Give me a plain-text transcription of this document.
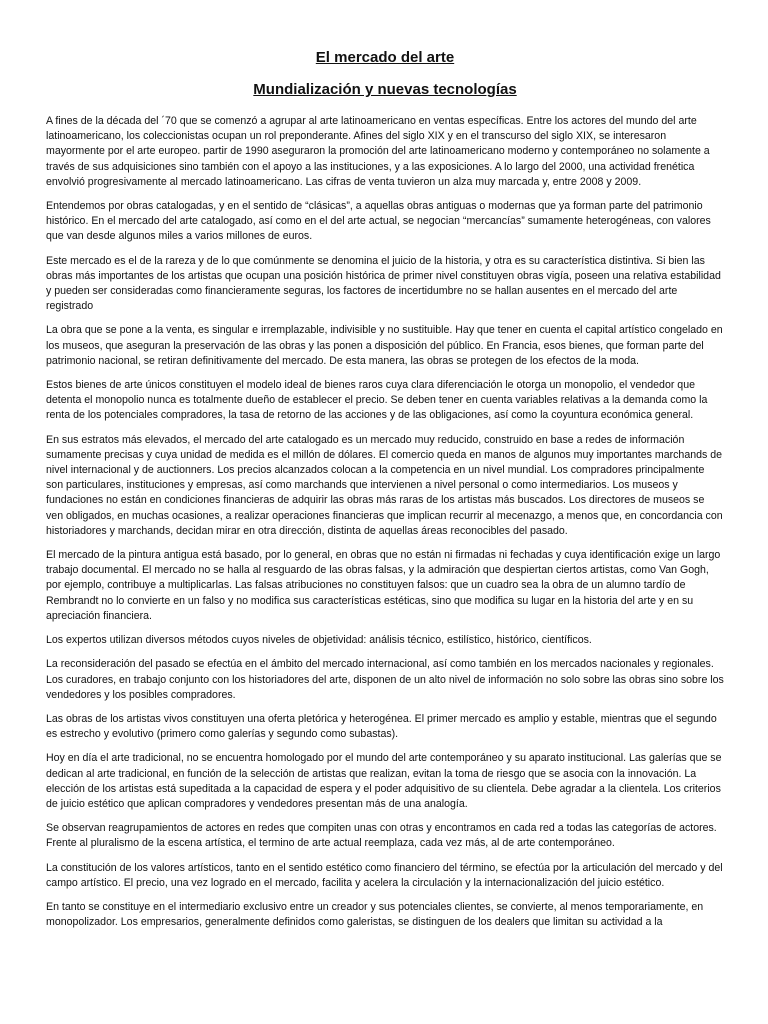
El mercado del arte
Mundialización y nuevas tecnologías

A fines de la década del ´70 que se comenzó a agrupar al arte latinoamericano en ventas específicas. Entre los actores del mundo del arte latinoamericano, los coleccionistas ocupan un rol preponderante. Afines del siglo XIX y en el transcurso del siglo XIX, se interesaron mayormente por el arte europeo. partir de 1990 aseguraron la promoción del arte latinoamericano moderno y contemporáneo no solamente a través de sus adquisiciones sino también con el apoyo a las instituciones, y a las exposiciones. A lo largo del 2000, una actividad frenética envolvió progresivamente al mercado latinoamericano. Las cifras de venta tuvieron un alza muy marcada y, entre 2008 y 2009.

Entendemos por obras catalogadas, y en el sentido de “clásicas”, a aquellas obras antiguas o modernas que ya forman parte del patrimonio histórico. En el mercado del arte catalogado, así como en el del arte actual, se negocian “mercancías” sumamente heterogéneas, con valores que van desde algunos miles a varios millones de euros.

Este mercado es el de la rareza y de lo que comúnmente se denomina el juicio de la historia, y otra es su característica distintiva. Si bien las obras más importantes de los artistas que ocupan una posición histórica de primer nivel constituyen obras vigía, poseen una relativa estabilidad y pueden ser consideradas como financieramente seguras, los factores de incertidumbre no se hallan ausentes en el mercado del arte registrado

La obra que se pone a la venta, es singular e irremplazable, indivisible y no sustituible. Hay que tener en cuenta el capital artístico congelado en los museos, que aseguran la preservación de las obras y las ponen a disposición del público. En Francia, esos bienes, que forman parte del patrimonio nacional, se retiran definitivamente del mercado. De esta manera, las obras se protegen de los efectos de la moda.

Estos bienes de arte únicos constituyen el modelo ideal de bienes raros cuya clara diferenciación le otorga un monopolio, el vendedor que detenta el monopolio nunca es totalmente dueño de establecer el precio. Se deben tener en cuenta variables relativas a la demanda como la renta de los potenciales compradores, la tasa de retorno de las acciones y de las obligaciones, así como la coyuntura económica general.

En sus estratos más elevados, el mercado del arte catalogado es un mercado muy reducido, construido en base a redes de información sumamente precisas y cuya unidad de medida es el millón de dólares. El comercio queda en manos de algunos muy importantes marchands de nivel internacional y de auctionners. Los precios alcanzados colocan a la competencia en un nivel mundial. Los compradores principalmente son particulares, instituciones y empresas, así como marchands que intervienen a nivel personal o como intermediarios. Los museos y fundaciones no están en condiciones financieras de adquirir las obras más raras de los artistas más buscados. Los directores de museos se ven obligados, en muchas ocasiones, a realizar operaciones financieras que implican recurrir al mecenazgo, a menos que, en concordancia con historiadores y marchands, decidan mirar en otra dirección, distinta de aquellas áreas reconocibles del pasado.

El mercado de la pintura antigua está basado, por lo general, en obras que no están ni firmadas ni fechadas y cuya identificación exige un largo trabajo documental. El mercado no se halla al resguardo de las obras falsas, y la admiración que despiertan ciertos artistas, como Van Gogh, por ejemplo, contribuye a multiplicarlas. Las falsas atribuciones no constituyen falsos: que un cuadro sea la obra de un alumno tardío de Rembrandt no lo convierte en un falso y no modifica sus características estéticas, sino que modifica su lugar en la historia del arte y en su apreciación financiera.

Los expertos utilizan diversos métodos cuyos niveles de objetividad: análisis técnico, estilístico, histórico, científicos.

La reconsideración del pasado se efectúa en el ámbito del mercado internacional, así como también en los mercados nacionales y regionales. Los curadores, en trabajo conjunto con los historiadores del arte, disponen de un alto nivel de información no solo sobre las obras sino sobre los vendedores y los posibles compradores.

Las obras de los artistas vivos constituyen una oferta pletórica y heterogénea. El primer mercado es amplio y estable, mientras que el segundo es estrecho y evolutivo (primero como galerías y segundo como subastas).

Hoy en día el arte tradicional, no se encuentra homologado por el mundo del arte contemporáneo y su aparato institucional. Las galerías que se dedican al arte tradicional, en función de la selección de artistas que realizan, evitan la toma de riesgo que se asocia con la innovación. La elección de los artistas está supeditada a la capacidad de espera y el poder adquisitivo de su clientela. Debe agradar a la clientela. Los criterios de juicio estético que aplican compradores y vendedores presentan más de una analogía.

Se observan reagrupamientos de actores en redes que compiten unas con otras y encontramos en cada red a todas las categorías de actores. Frente al pluralismo de la escena artística, el termino de arte actual reemplaza, cada vez más, al de arte contemporáneo.

La constitución de los valores artísticos, tanto en el sentido estético como financiero del término, se efectúa por la articulación del mercado y del campo artístico. El precio, una vez logrado en el mercado, facilita y acelera la circulación y la internacionalización del juicio estético.

En tanto se constituye en el intermediario exclusivo entre un creador y sus potenciales clientes, se convierte, al menos temporariamente, en monopolizador. Los empresarios, generalmente definidos como galeristas, se distinguen de los dealers que limitan su actividad a la
